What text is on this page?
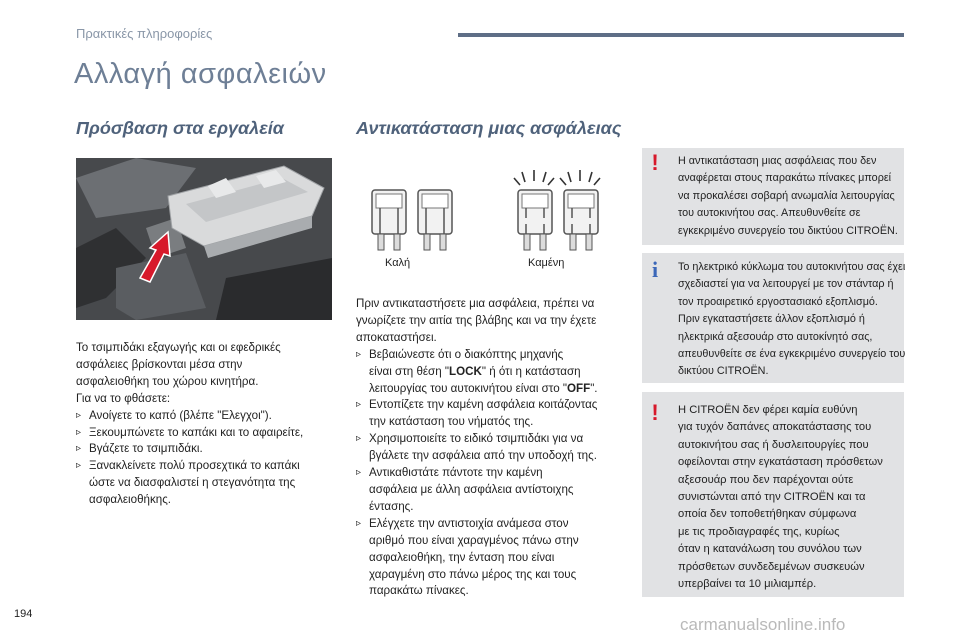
Πρακτικές πληροφορίες
Αλλαγή ασφαλειών
Πρόσβαση στα εργαλεία
Το τσιμπιδάκι εξαγωγής και οι εφεδρικές
ασφάλειες βρίσκονται μέσα στην
ασφαλειοθήκη του χώρου κινητήρα.
Για να το φθάσετε:
▹ Ανοίγετε το καπό (βλέπε "Ελεγχοι").
▹ Ξεκουμπώνετε το καπάκι και το αφαιρείτε,
▹ Βγάζετε το τσιμπιδάκι.
▹ Ξανακλείνετε πολύ προσεχτικά το καπάκι
ώστε να διασφαλιστεί η στεγανότητα της
ασφαλειοθήκης.
Αντικατάσταση μιας ασφάλειας
Καλή	Καμένη
Πριν αντικαταστήσετε μια ασφάλεια, πρέπει να
γνωρίζετε την αιτία της βλάβης και να την έχετε
αποκαταστήσει.
▹ Βεβαιώνεστε ότι ο διακόπτης μηχανής
είναι στη θέση "LOCK" ή ότι η κατάσταση
λειτουργίας του αυτοκινήτου είναι στο "OFF".
▹ Εντοπίζετε την καμένη ασφάλεια κοιτάζοντας
την κατάσταση του νήματός της.
▹ Χρησιμοποιείτε το ειδικό τσιμπιδάκι για να
βγάλετε την ασφάλεια από την υποδοχή της.
▹ Αντικαθιστάτε πάντοτε την καμένη
ασφάλεια με άλλη ασφάλεια αντίστοιχης
έντασης.
▹ Ελέγχετε την αντιστοιχία ανάμεσα στον
αριθμό που είναι χαραγμένος πάνω στην
ασφαλειοθήκη, την ένταση που είναι
χαραγμένη στο πάνω μέρος της και τους
παρακάτω πίνακες.
!	Η αντικατάσταση μιας ασφάλειας που δεν
αναφέρεται στους παρακάτω πίνακες μπορεί
να προκαλέσει σοβαρή ανωμαλία λειτουργίας
του αυτοκινήτου σας. Απευθυνθείτε σε
εγκεκριμένο συνεργείο του δικτύου CITROËN.
i	Το ηλεκτρικό κύκλωμα του αυτοκινήτου σας έχει
σχεδιαστεί για να λειτουργεί με τον στάνταρ ή
τον προαιρετικό εργοστασιακό εξοπλισμό.
Πριν εγκαταστήσετε άλλον εξοπλισμό ή
ηλεκτρικά αξεσουάρ στο αυτοκίνητό σας,
απευθυνθείτε σε ένα εγκεκριμένο συνεργείο του
δικτύου CITROËN.
! Η CITROËN δεν φέρει καμία ευθύνη
για τυχόν δαπάνες αποκατάστασης του
αυτοκινήτου σας ή δυσλειτουργίες που
οφείλονται στην εγκατάσταση πρόσθετων
αξεσουάρ που δεν παρέχονται ούτε
συνιστώνται από την CITROËN και τα
οποία δεν τοποθετήθηκαν σύμφωνα
με τις προδιαγραφές της, κυρίως
όταν η κατανάλωση του συνόλου των
πρόσθετων συνδεδεμένων συσκευών
υπερβαίνει τα 10 μιλιαμπέρ.
194
carmanualsonline.info
